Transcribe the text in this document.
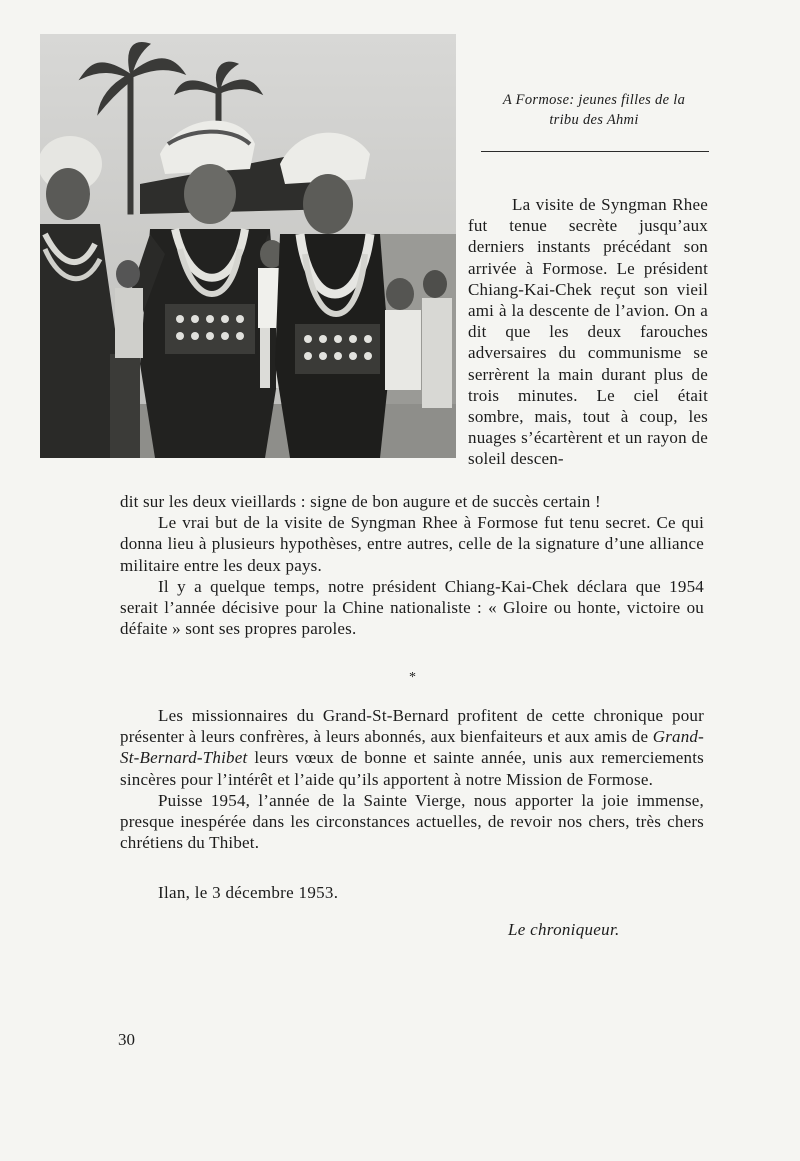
A Formose: jeunes filles de la
tribu des Ahmi

La visite de Syngman Rhee fut tenue secrète jusqu’aux derniers instants précédant son arrivée à Formose. Le président Chiang-Kai-Chek reçut son vieil ami à la descente de l’avion. On a dit que les deux farouches adversaires du communisme se serrèrent la main durant plus de trois minutes. Le ciel était sombre, mais, tout à coup, les nuages s’écartèrent et un rayon de soleil descen-

dit sur les deux vieillards : signe de bon augure et de succès certain !

Le vrai but de la visite de Syngman Rhee à Formose fut tenu secret. Ce qui donna lieu à plusieurs hypothèses, entre autres, celle de la signature d’une alliance militaire entre les deux pays.

Il y a quelque temps, notre président Chiang-Kai-Chek déclara que 1954 serait l’année décisive pour la Chine nationaliste : « Gloire ou honte, victoire ou défaite » sont ses propres paroles.

*

Les missionnaires du Grand-St-Bernard profitent de cette chronique pour présenter à leurs confrères, à leurs abonnés, aux bienfaiteurs et aux amis de Grand-St-Bernard-Thibet leurs vœux de bonne et sainte année, unis aux remerciements sincères pour l’intérêt et l’aide qu’ils apportent à notre Mission de Formose.

Puisse 1954, l’année de la Sainte Vierge, nous apporter la joie immense, presque inespérée dans les circonstances actuelles, de revoir nos chers, très chers chrétiens du Thibet.

Ilan, le 3 décembre 1953.
Le chroniqueur.
30
